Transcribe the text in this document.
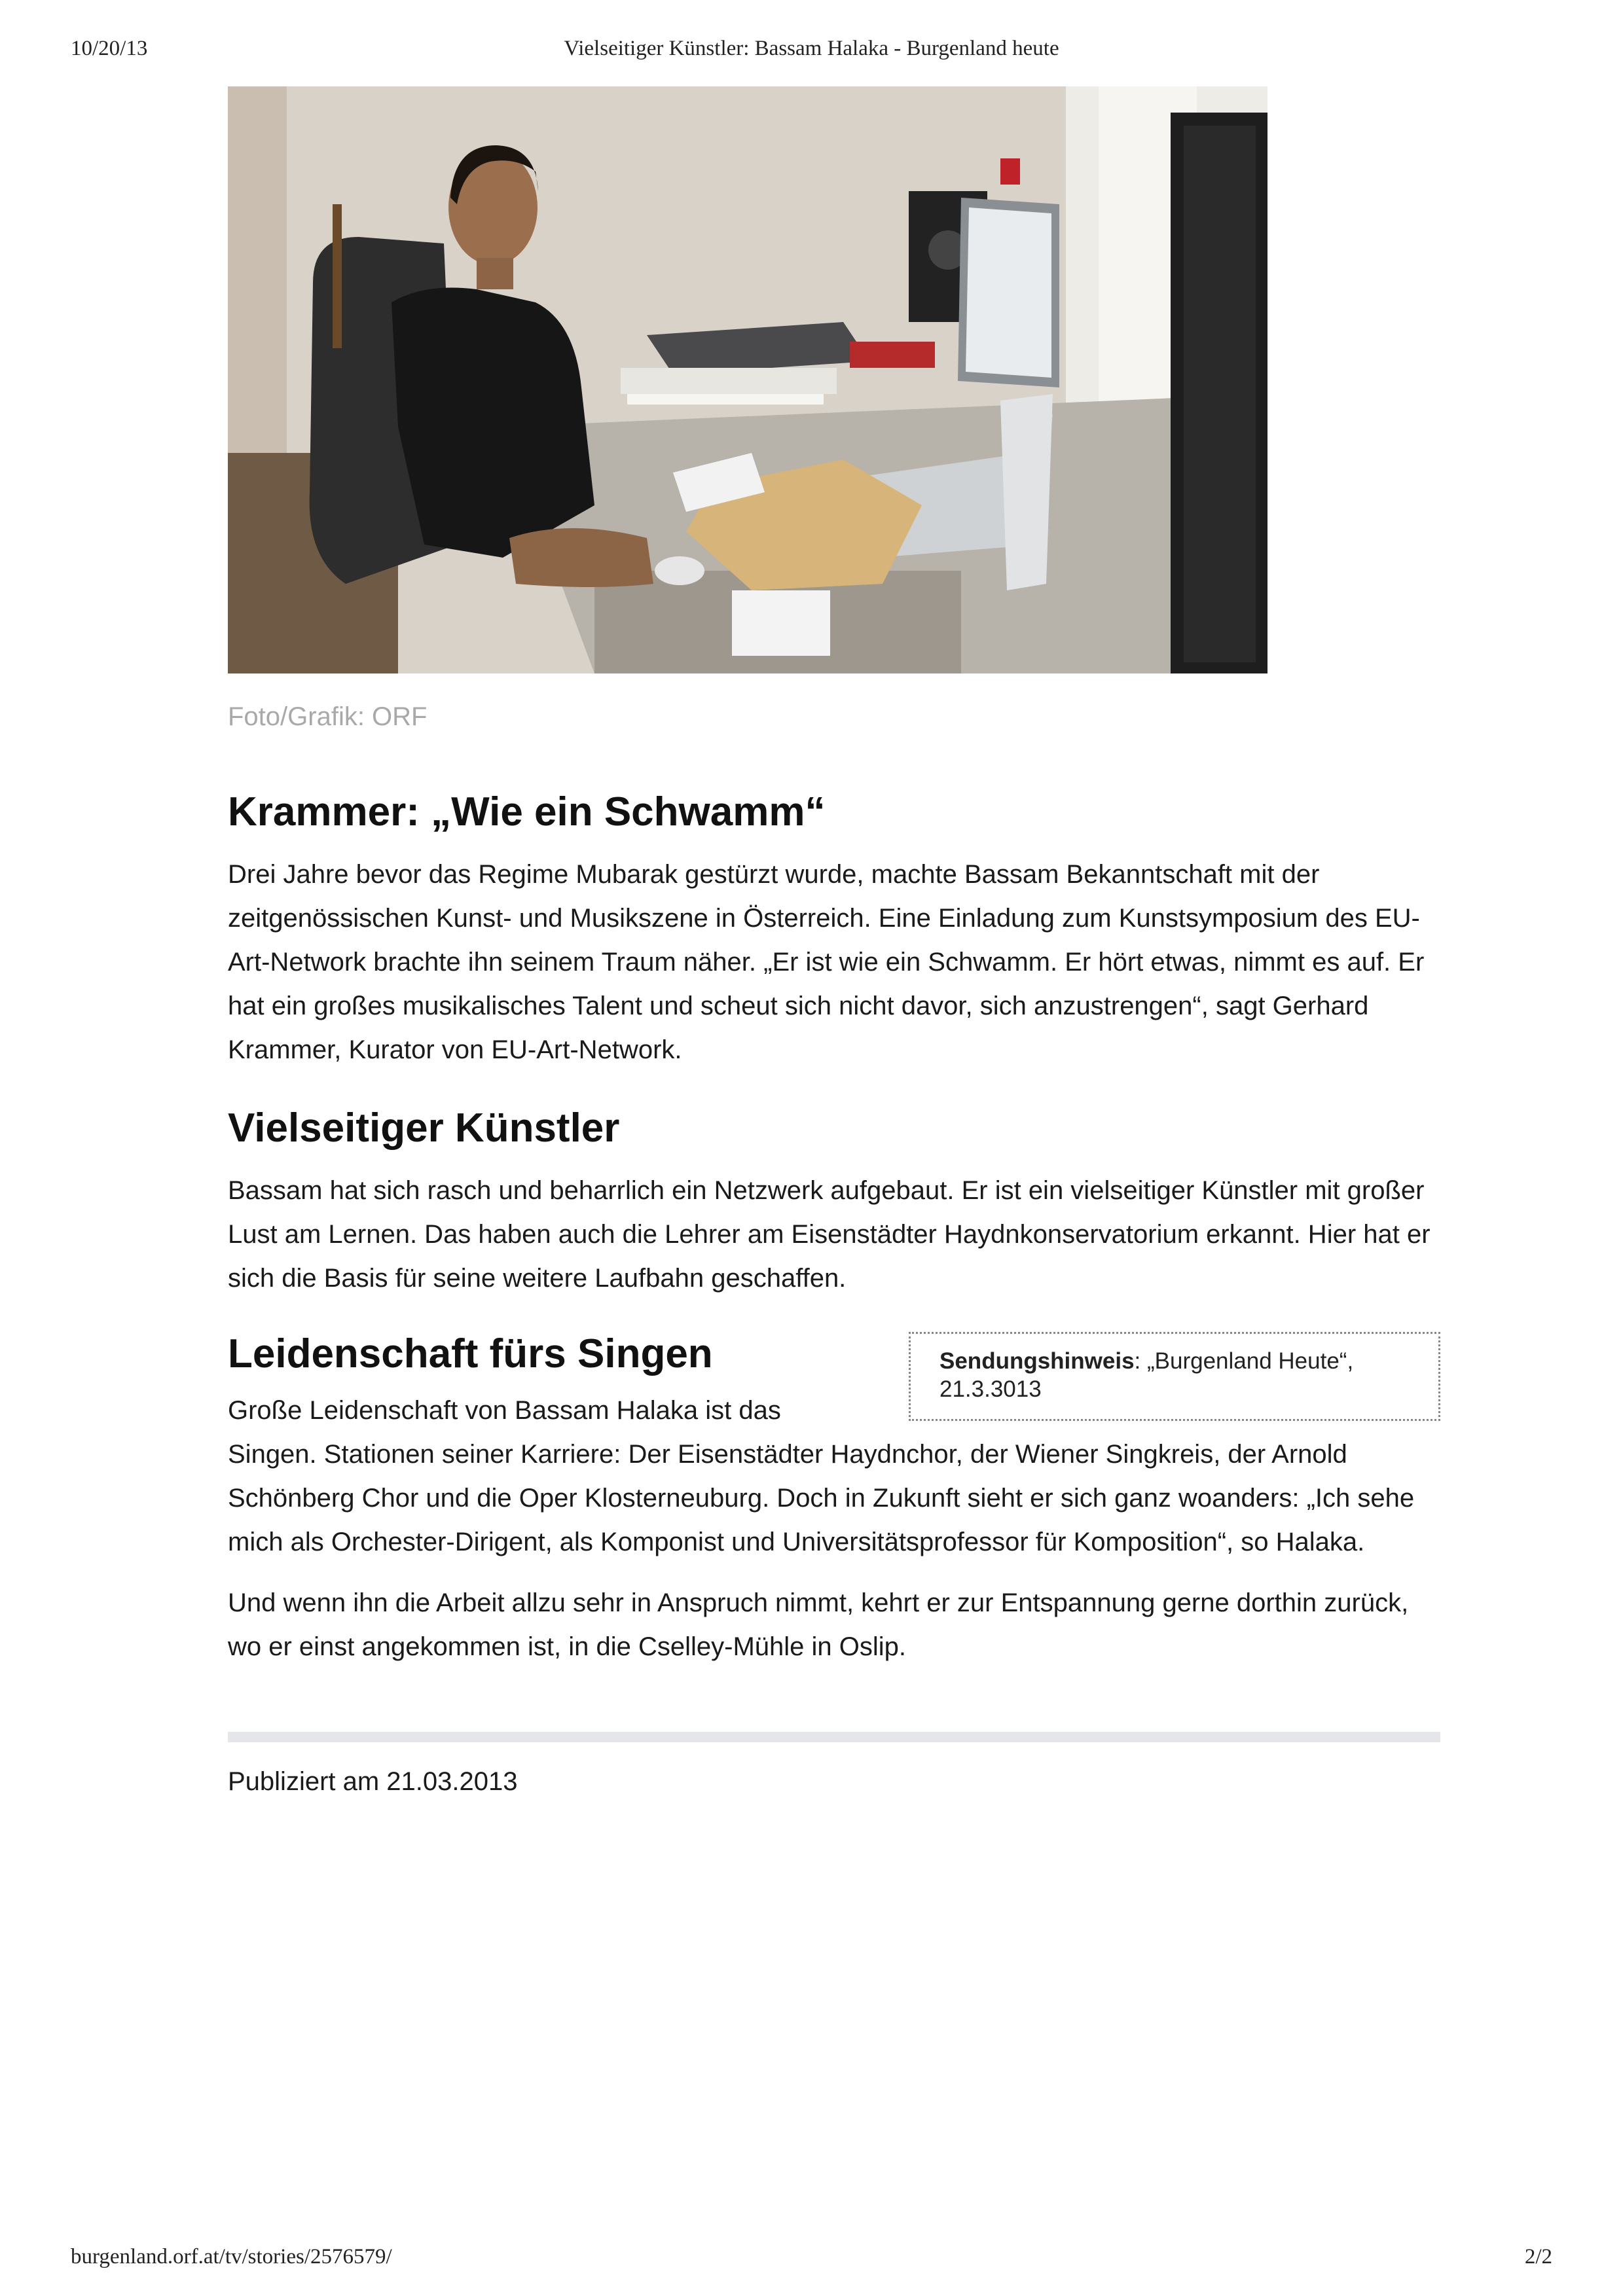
10/20/13	Vielseitiger Künstler: Bassam Halaka - Burgenland heute
Foto/Grafik: ORF
Krammer: „Wie ein Schwamm“

Drei Jahre bevor das Regime Mubarak gestürzt wurde, machte Bassam Bekanntschaft mit der zeitgenössischen Kunst- und Musikszene in Österreich. Eine Einladung zum Kunstsymposium des EU-Art-Network brachte ihn seinem Traum näher. „Er ist wie ein Schwamm. Er hört etwas, nimmt es auf. Er hat ein großes musikalisches Talent und scheut sich nicht davor, sich anzustrengen“, sagt Gerhard Krammer, Kurator von EU-Art-Network.

Vielseitiger Künstler

Bassam hat sich rasch und beharrlich ein Netzwerk aufgebaut. Er ist ein vielseitiger Künstler mit großer Lust am Lernen. Das haben auch die Lehrer am Eisenstädter Haydnkonservatorium erkannt. Hier hat er sich die Basis für seine weitere Laufbahn geschaffen.

Sendungshinweis: „Burgenland Heute“, 21.3.3013
Leidenschaft fürs Singen

Große Leidenschaft von Bassam Halaka ist das Singen. Stationen seiner Karriere: Der Eisenstädter Haydnchor, der Wiener Singkreis, der Arnold Schönberg Chor und die Oper Klosterneuburg. Doch in Zukunft sieht er sich ganz woanders: „Ich sehe mich als Orchester-Dirigent, als Komponist und Universitätsprofessor für Komposition“, so Halaka.

Und wenn ihn die Arbeit allzu sehr in Anspruch nimmt, kehrt er zur Entspannung gerne dorthin zurück, wo er einst angekommen ist, in die Cselley-Mühle in Oslip.

Publiziert am 21.03.2013
burgenland.orf.at/tv/stories/2576579/	2/2
